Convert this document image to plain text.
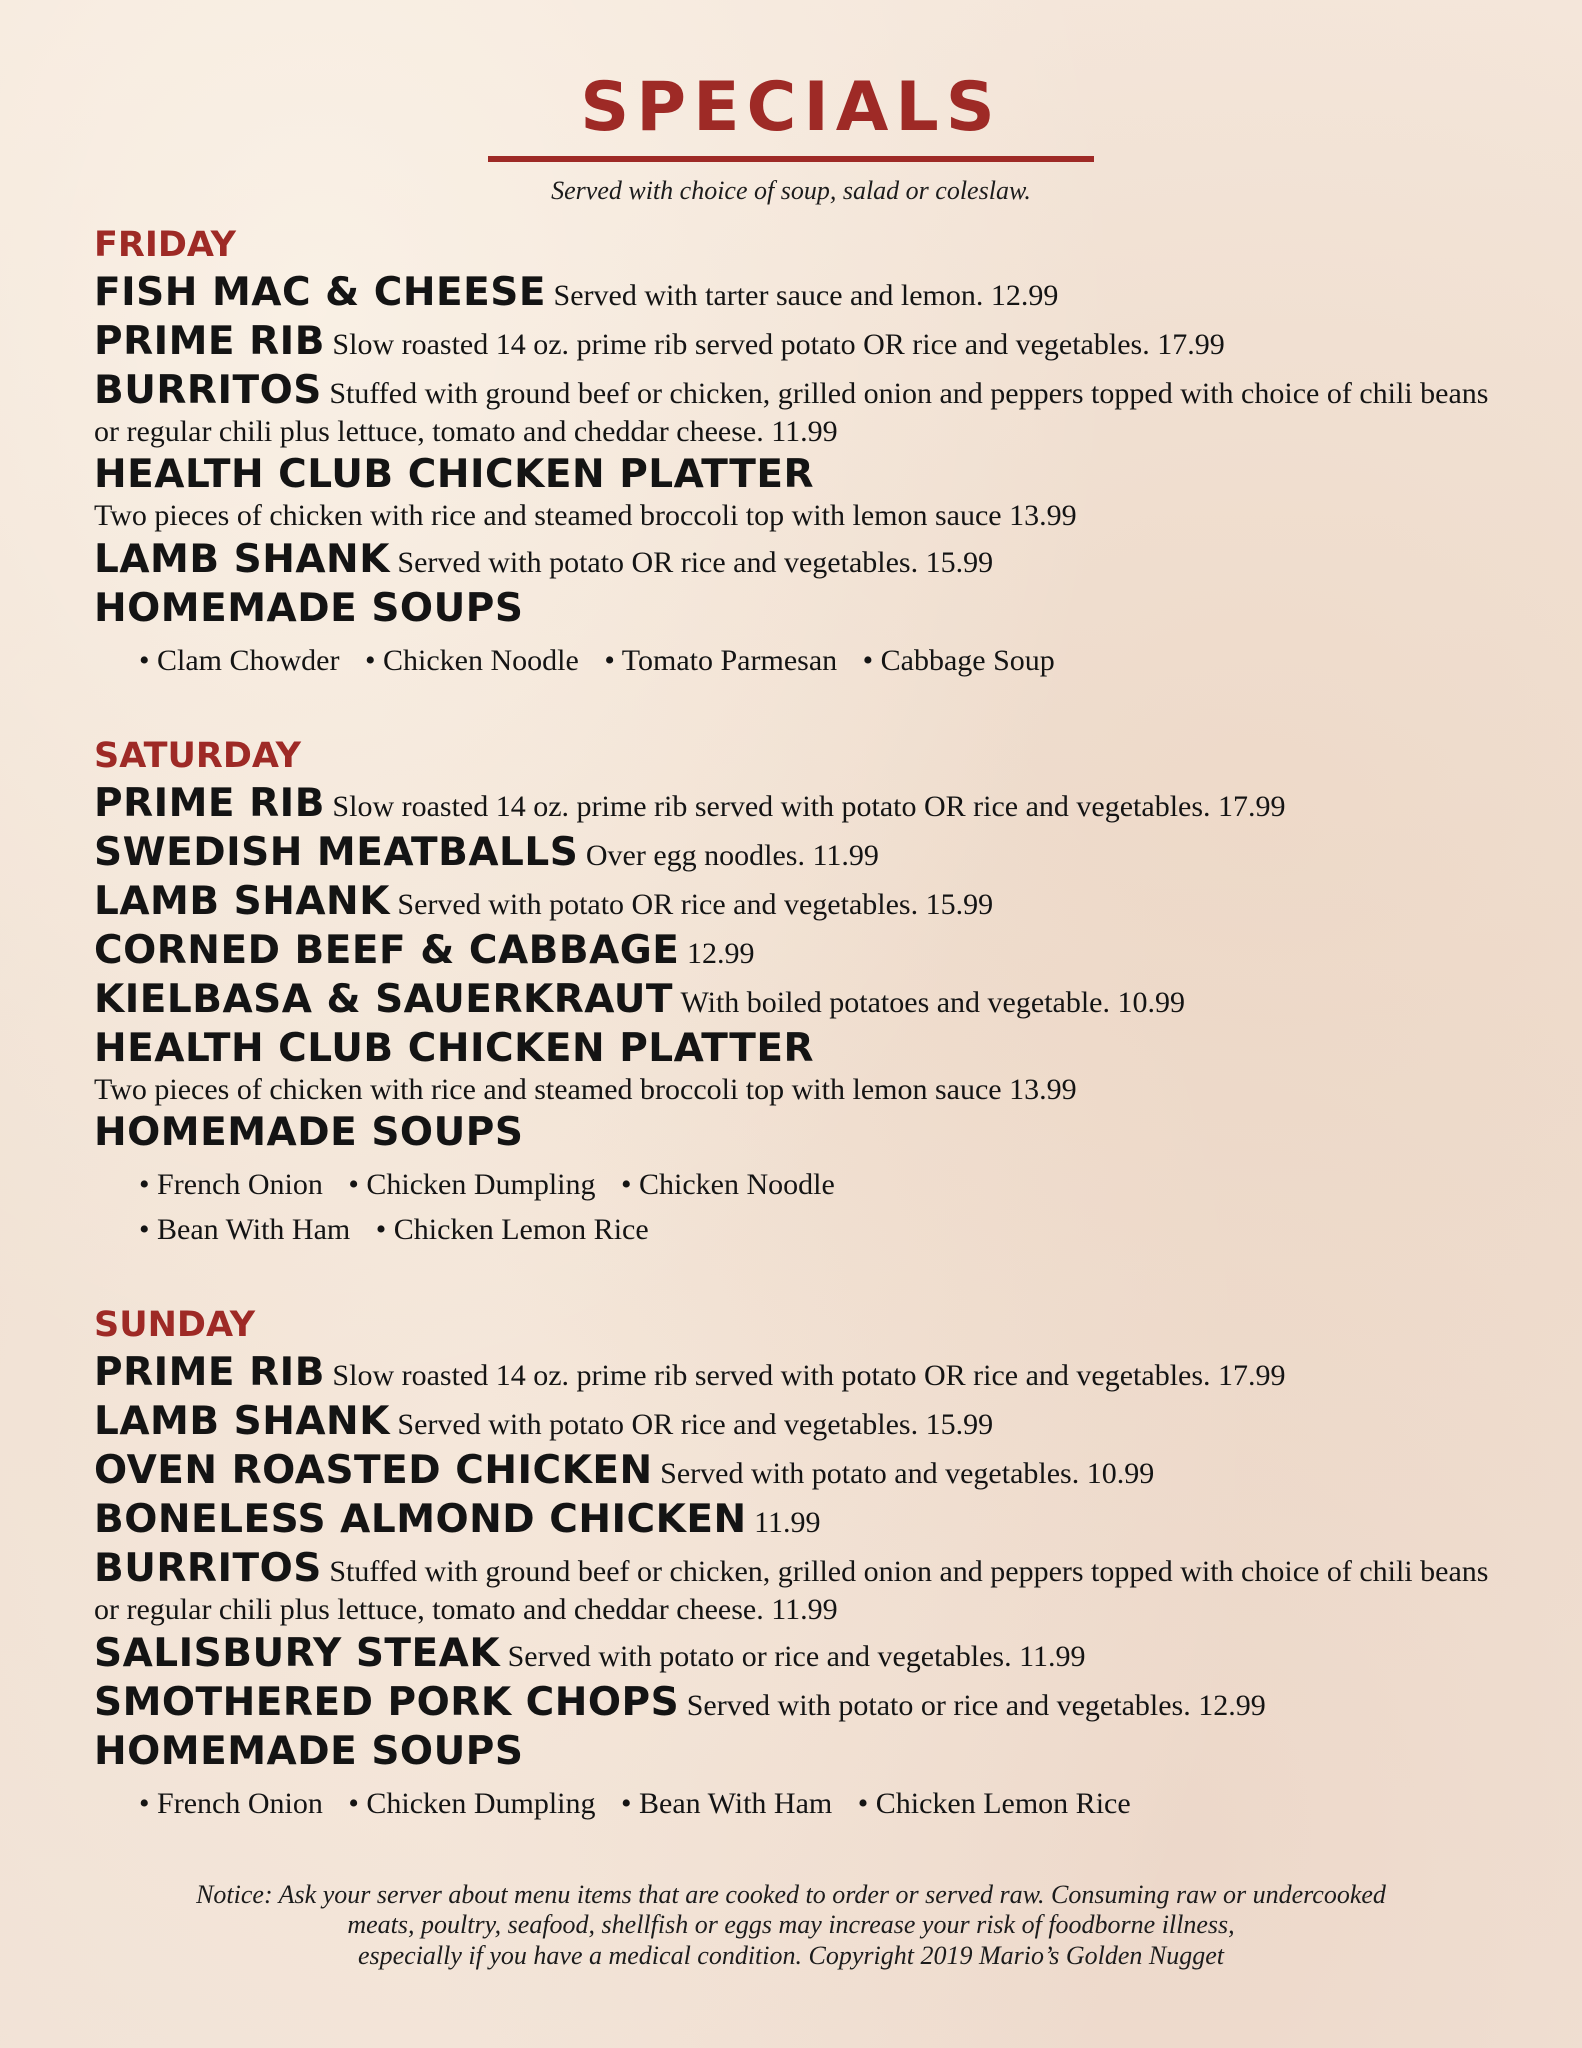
SPECIALS
Served with choice of soup, salad or coleslaw.
FRIDAY
FISH MAC & CHEESE Served with tarter sauce and lemon. 12.99
PRIME RIB Slow roasted 14 oz. prime rib served potato OR rice and vegetables. 17.99
BURRITOS Stuffed with ground beef or chicken, grilled onion and peppers topped with choice of chili beans or regular chili plus lettuce, tomato and cheddar cheese. 11.99
HEALTH CLUB CHICKEN PLATTER
Two pieces of chicken with rice and steamed broccoli top with lemon sauce 13.99
LAMB SHANK Served with potato OR rice and vegetables. 15.99
HOMEMADE SOUPS
• Clam Chowder • Chicken Noodle • Tomato Parmesan • Cabbage Soup
SATURDAY
PRIME RIB Slow roasted 14 oz. prime rib served with potato OR rice and vegetables. 17.99
SWEDISH MEATBALLS Over egg noodles. 11.99
LAMB SHANK Served with potato OR rice and vegetables. 15.99
CORNED BEEF & CABBAGE 12.99
KIELBASA & SAUERKRAUT With boiled potatoes and vegetable. 10.99
HEALTH CLUB CHICKEN PLATTER
Two pieces of chicken with rice and steamed broccoli top with lemon sauce 13.99
HOMEMADE SOUPS
• French Onion • Chicken Dumpling • Chicken Noodle
• Bean With Ham • Chicken Lemon Rice
SUNDAY
PRIME RIB Slow roasted 14 oz. prime rib served with potato OR rice and vegetables. 17.99
LAMB SHANK Served with potato OR rice and vegetables. 15.99
OVEN ROASTED CHICKEN Served with potato and vegetables. 10.99
BONELESS ALMOND CHICKEN 11.99
BURRITOS Stuffed with ground beef or chicken, grilled onion and peppers topped with choice of chili beans or regular chili plus lettuce, tomato and cheddar cheese. 11.99
SALISBURY STEAK Served with potato or rice and vegetables. 11.99
SMOTHERED PORK CHOPS Served with potato or rice and vegetables. 12.99
HOMEMADE SOUPS
• French Onion • Chicken Dumpling • Bean With Ham • Chicken Lemon Rice
Notice: Ask your server about menu items that are cooked to order or served raw. Consuming raw or undercooked
meats, poultry, seafood, shellfish or eggs may increase your risk of foodborne illness,
especially if you have a medical condition. Copyright 2019 Mario’s Golden Nugget
